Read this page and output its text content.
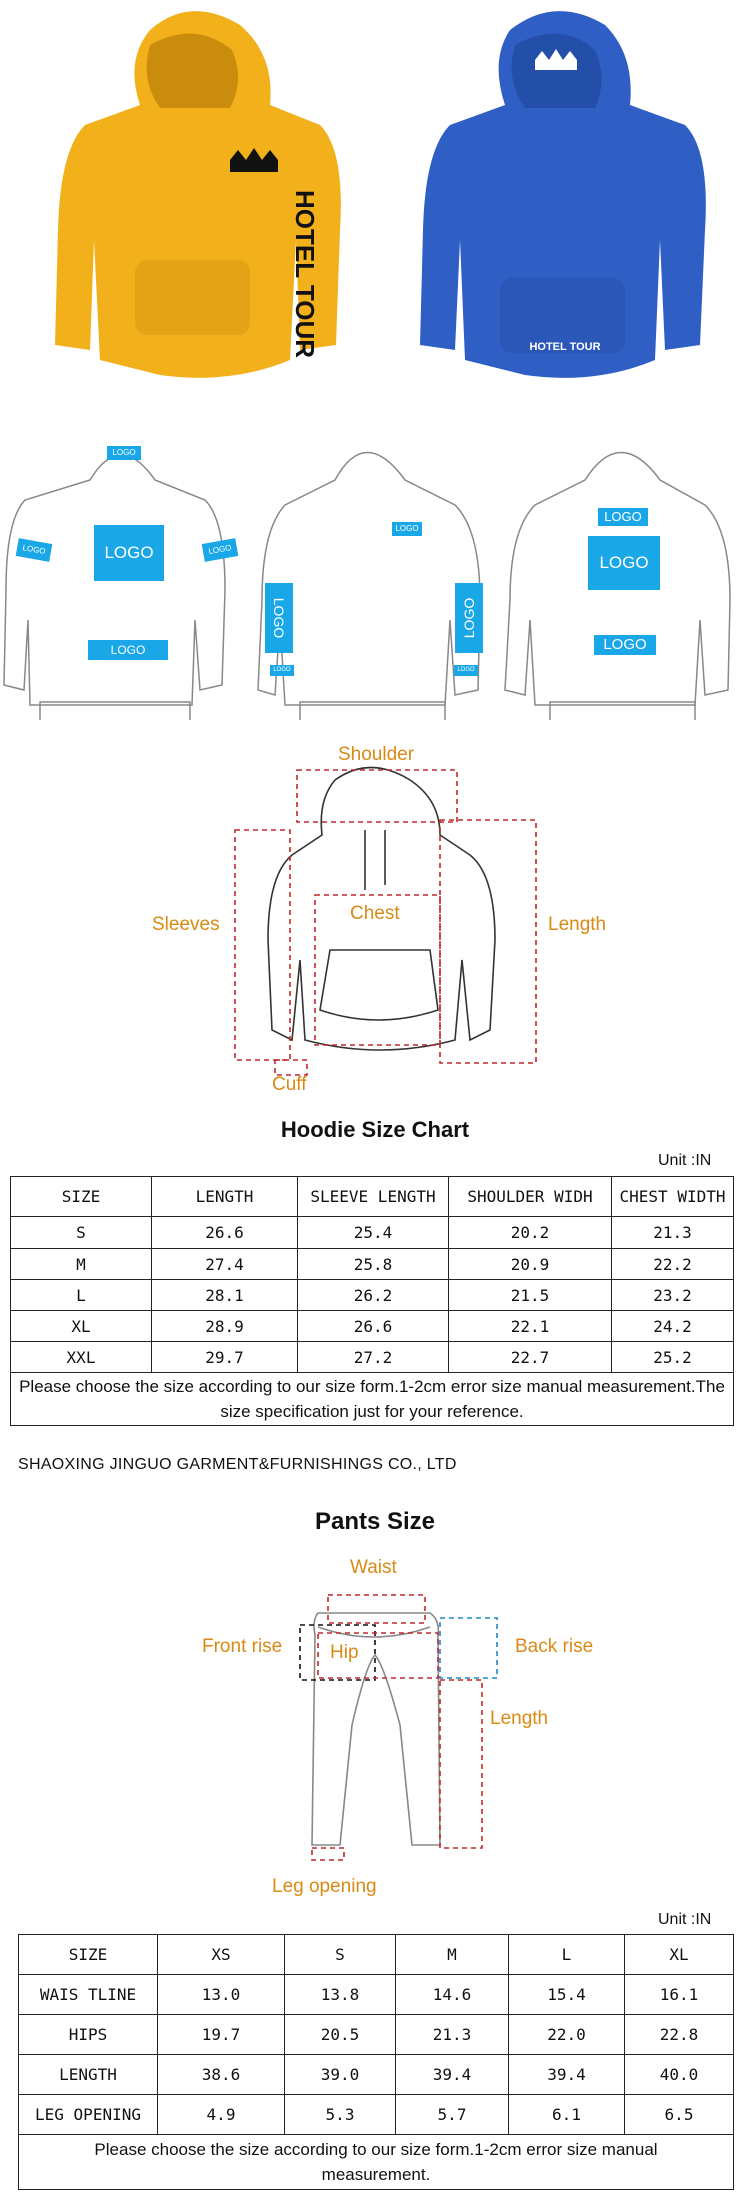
HOTEL TOUR	HOTEL TOUR
LOGO
LOGO
LOGO	LOGO
LOGO
LOGO
LOGO	LOGO
LOGO	LOGO
LOGO
LOGO
LOGO
Shoulder
Sleeves
Chest
Length
Cuff
Hoodie Size Chart
Unit :IN
SIZE	LENGTH	SLEEVE LENGTH	SHOULDER WIDH	CHEST WIDTH
S	26.6	25.4	20.2	21.3
M	27.4	25.8	20.9	22.2
L	28.1	26.2	21.5	23.2
XL	28.9	26.6	22.1	24.2
XXL	29.7	27.2	22.7	25.2
Please choose the size according to our size form.1-2cm error size manual measurement.The size specification just for your reference.				
SHAOXING JINGUO GARMENT&FURNISHINGS CO., LTD
Pants Size
Waist
Front rise	Hip	Back rise
Length
Leg opening
Unit :IN
SIZE	XS	S	M	L	XL
WAIS TLINE	13.0	13.8	14.6	15.4	16.1
HIPS	19.7	20.5	21.3	22.0	22.8
LENGTH	38.6	39.0	39.4	39.4	40.0
LEG OPENING	4.9	5.3	5.7	6.1	6.5
Please choose the size according to our size form.1-2cm error size manual measurement.					
